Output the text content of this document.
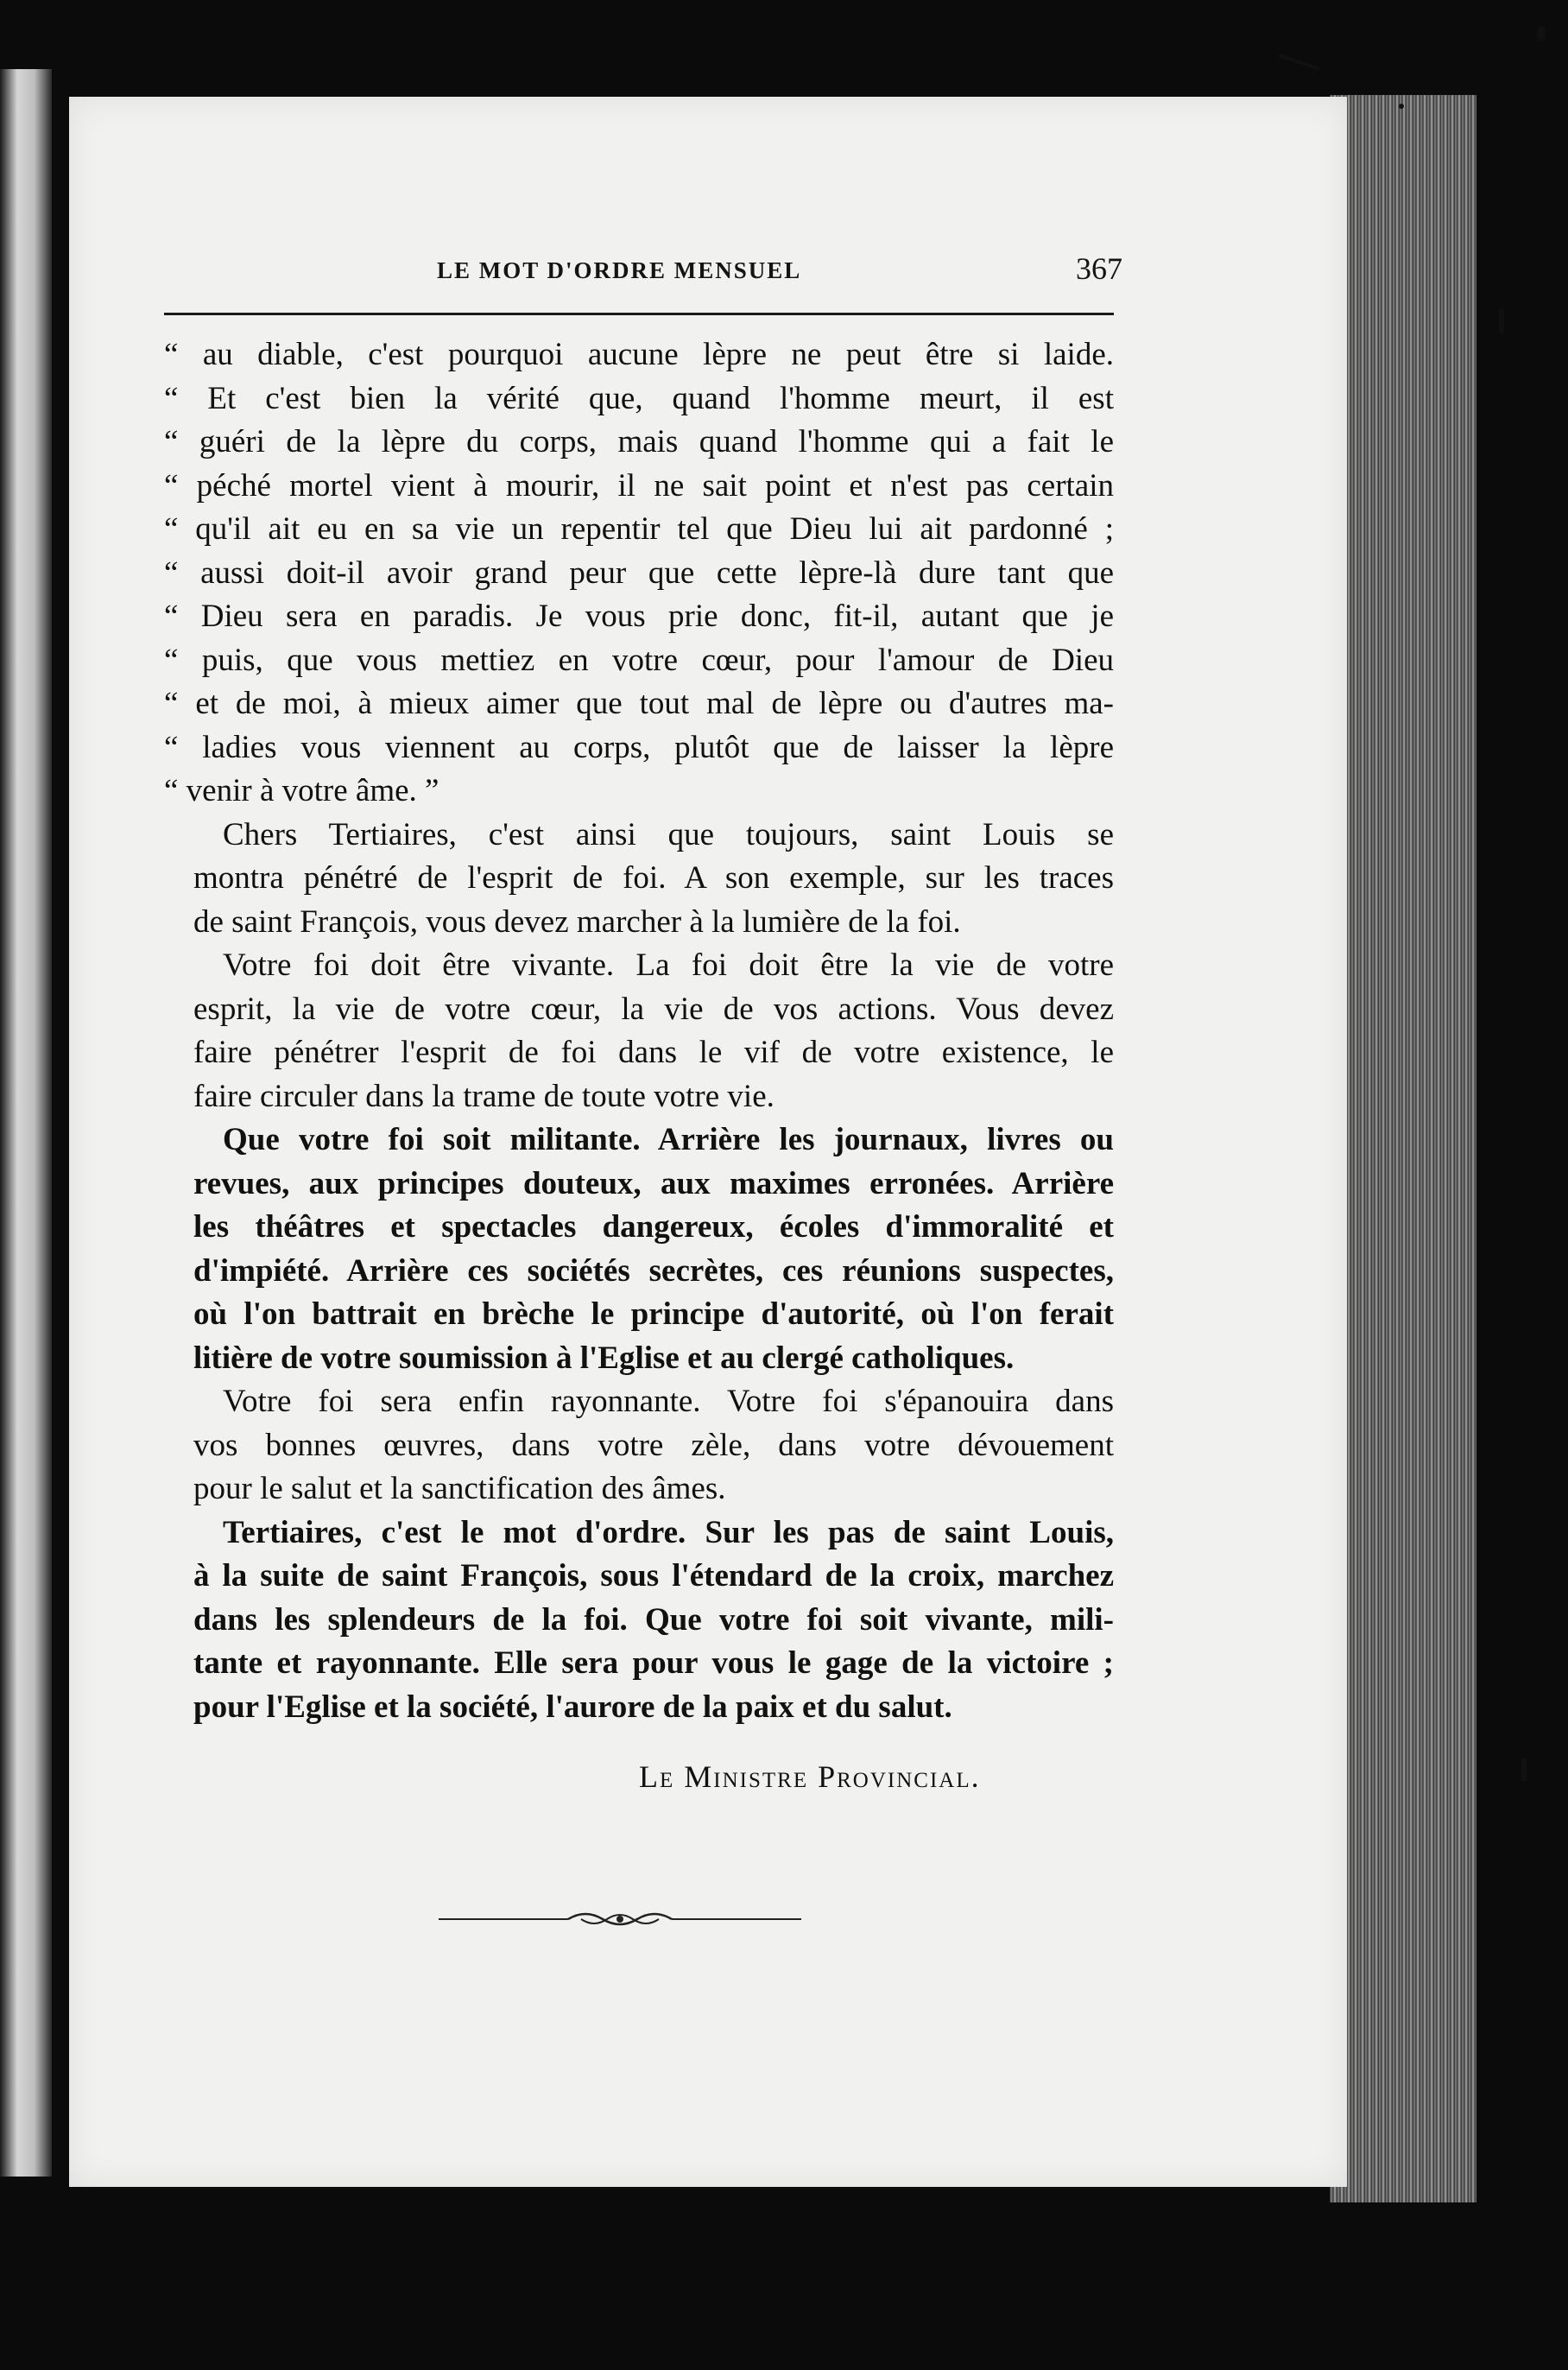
LE MOT D'ORDRE MENSUEL	367
“ au diable, c'est pourquoi aucune lèpre ne peut être si laide.
“ Et c'est bien la vérité que, quand l'homme meurt, il est
“ guéri de la lèpre du corps, mais quand l'homme qui a fait le
“ péché mortel vient à mourir, il ne sait point et n'est pas certain
“ qu'il ait eu en sa vie un repentir tel que Dieu lui ait pardonné ;
“ aussi doit-il avoir grand peur que cette lèpre-là dure tant que
“ Dieu sera en paradis. Je vous prie donc, fit-il, autant que je
“ puis, que vous mettiez en votre cœur, pour l'amour de Dieu
“ et de moi, à mieux aimer que tout mal de lèpre ou d'autres ma-
“ ladies vous viennent au corps, plutôt que de laisser la lèpre
“ venir à votre âme. ”
Chers Tertiaires, c'est ainsi que toujours, saint Louis se
montra pénétré de l'esprit de foi. A son exemple, sur les traces
de saint François, vous devez marcher à la lumière de la foi.
Votre foi doit être vivante. La foi doit être la vie de votre
esprit, la vie de votre cœur, la vie de vos actions. Vous devez
faire pénétrer l'esprit de foi dans le vif de votre existence, le
faire circuler dans la trame de toute votre vie.
Que votre foi soit militante. Arrière les journaux, livres ou
revues, aux principes douteux, aux maximes erronées. Arrière
les théâtres et spectacles dangereux, écoles d'immoralité et
d'impiété. Arrière ces sociétés secrètes, ces réunions suspectes,
où l'on battrait en brèche le principe d'autorité, où l'on ferait
litière de votre soumission à l'Eglise et au clergé catholiques.
Votre foi sera enfin rayonnante. Votre foi s'épanouira dans
vos bonnes œuvres, dans votre zèle, dans votre dévouement
pour le salut et la sanctification des âmes.
Tertiaires, c'est le mot d'ordre. Sur les pas de saint Louis,
à la suite de saint François, sous l'étendard de la croix, marchez
dans les splendeurs de la foi. Que votre foi soit vivante, mili-
tante et rayonnante. Elle sera pour vous le gage de la victoire ;
pour l'Eglise et la société, l'aurore de la paix et du salut.
Le Ministre Provincial.
